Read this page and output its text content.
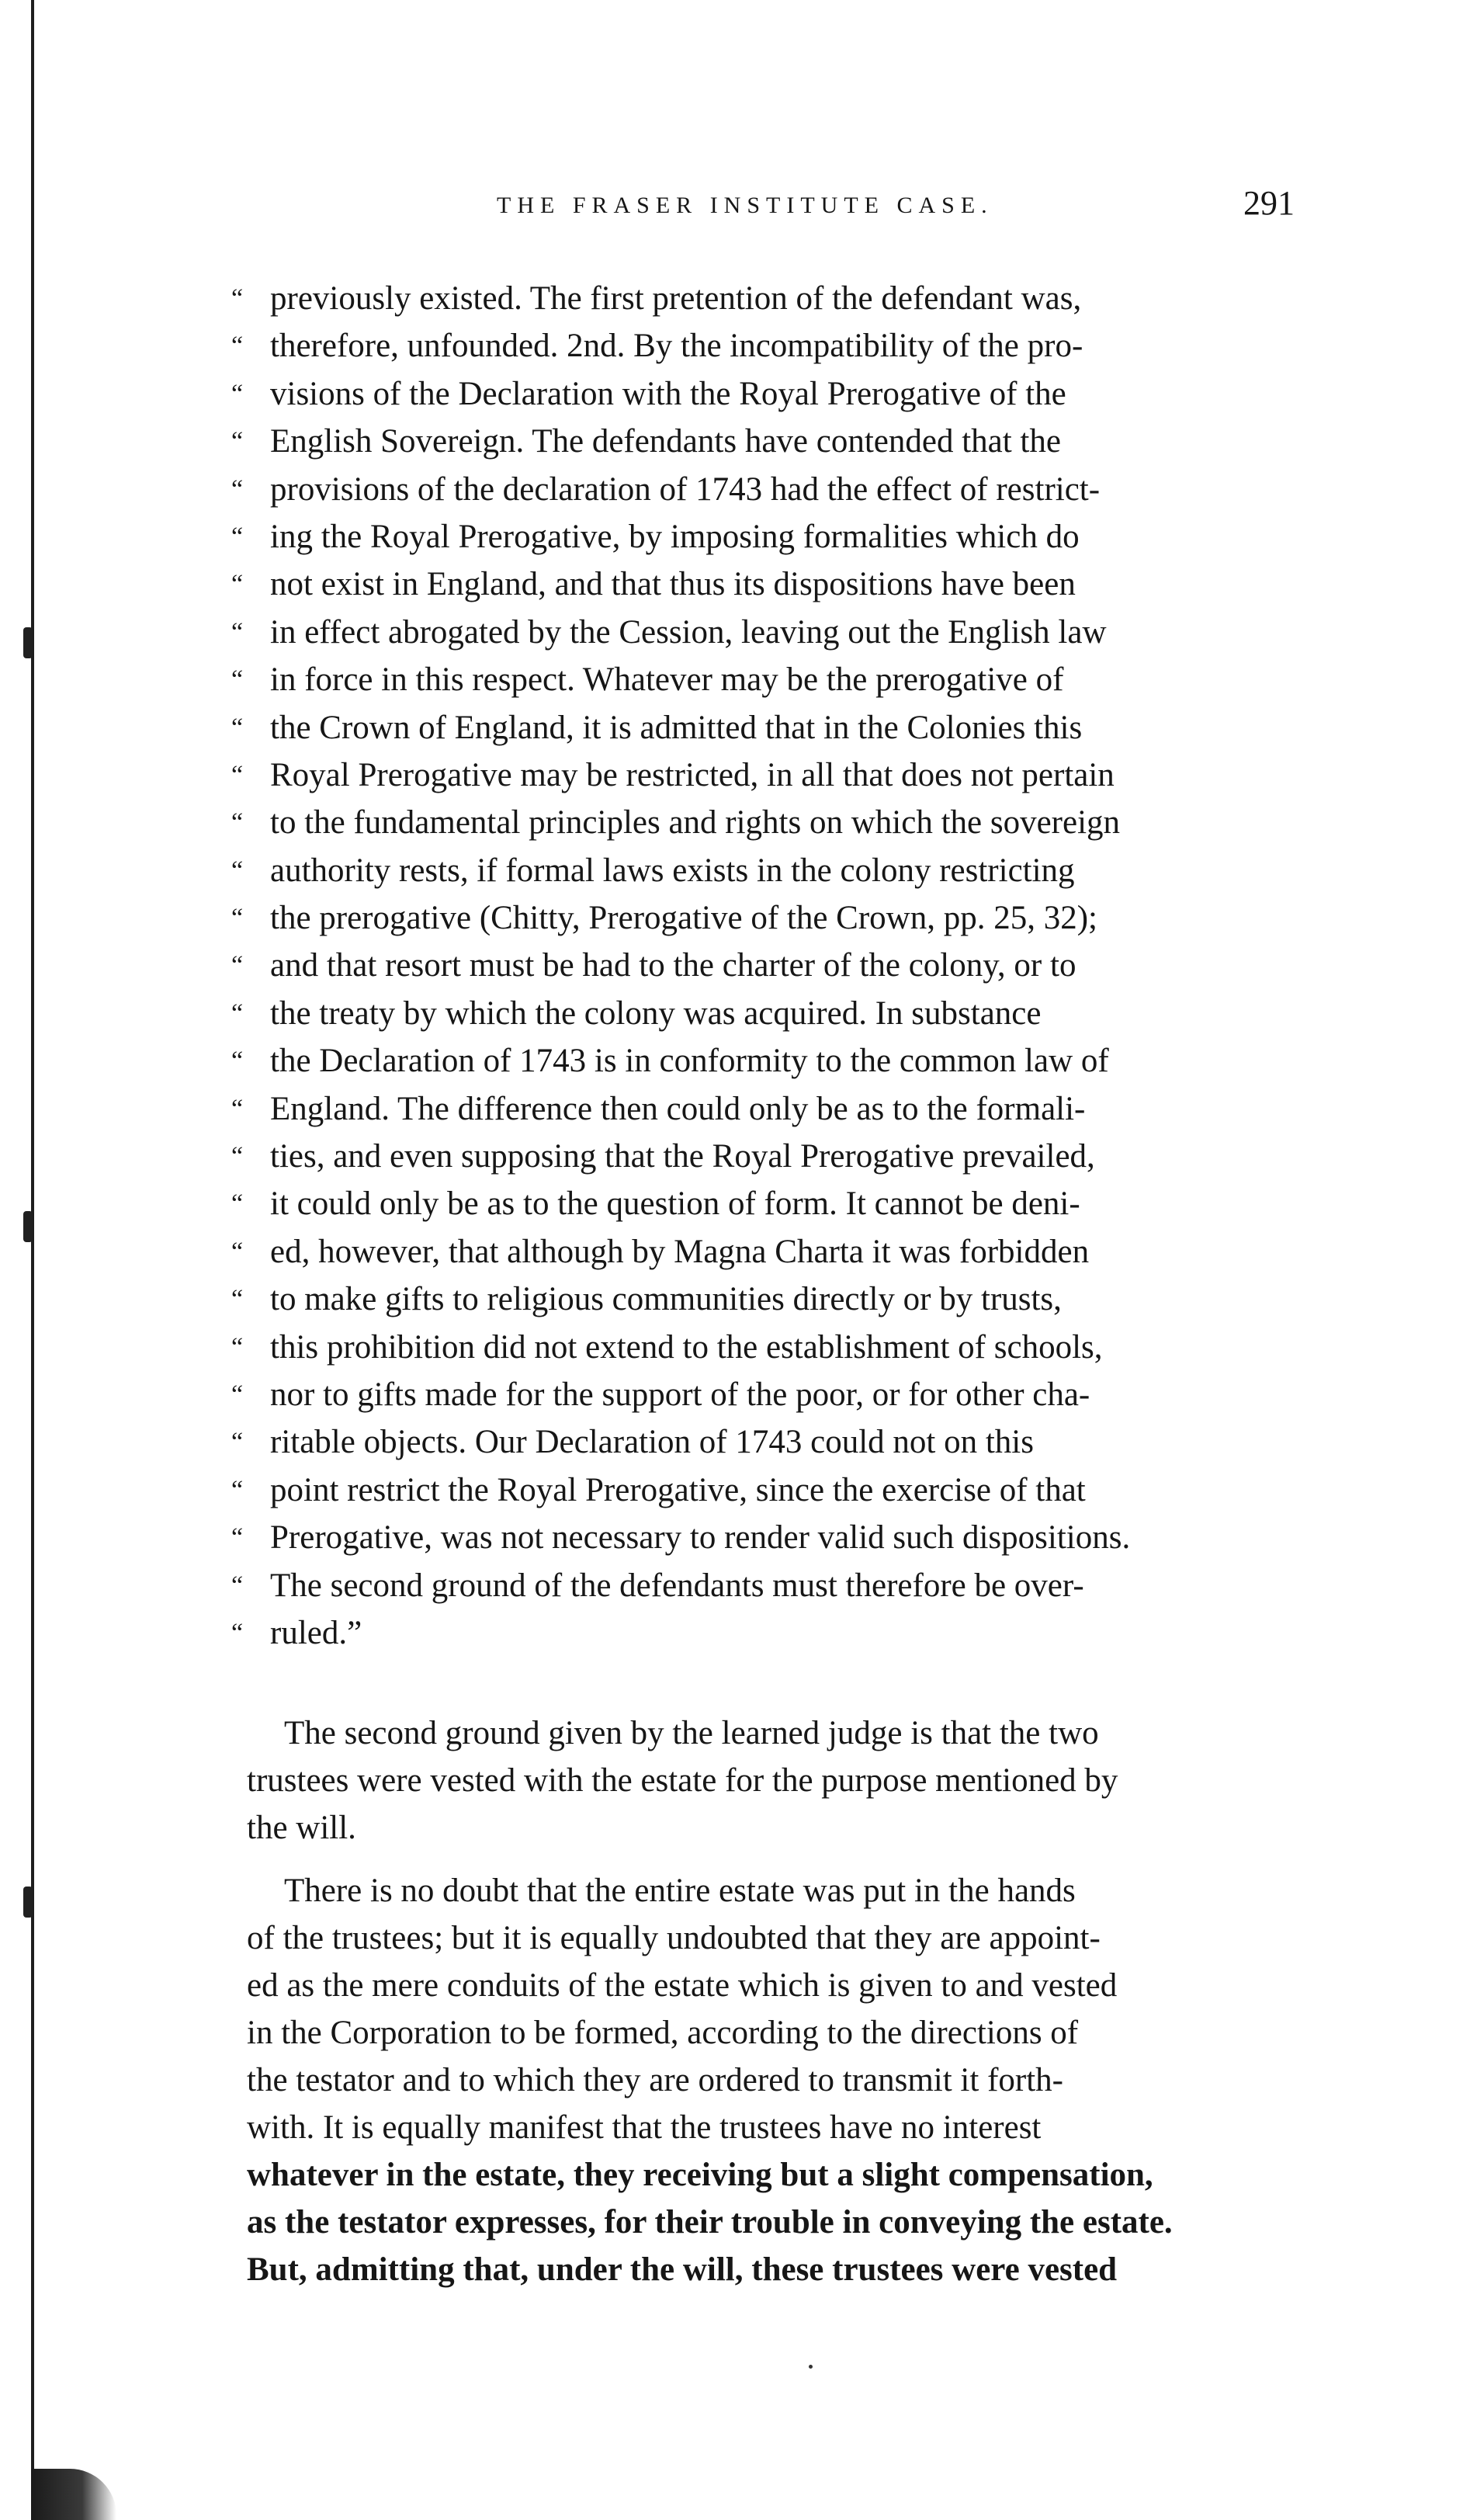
THE FRASER INSTITUTE CASE.	291
“ previously existed. The first pretention of the defendant was,
“ therefore, unfounded. 2nd. By the incompatibility of the pro-
“ visions of the Declaration with the Royal Prerogative of the
“ English Sovereign. The defendants have contended that the
“ provisions of the declaration of 1743 had the effect of restrict-
“ ing the Royal Prerogative, by imposing formalities which do
“ not exist in England, and that thus its dispositions have been
“ in effect abrogated by the Cession, leaving out the English law
“ in force in this respect. Whatever may be the prerogative of
“ the Crown of England, it is admitted that in the Colonies this
“ Royal Prerogative may be restricted, in all that does not pertain
“ to the fundamental principles and rights on which the sovereign
“ authority rests, if formal laws exists in the colony restricting
“ the prerogative (Chitty, Prerogative of the Crown, pp. 25, 32);
“ and that resort must be had to the charter of the colony, or to
“ the treaty by which the colony was acquired. In substance
“ the Declaration of 1743 is in conformity to the common law of
“ England. The difference then could only be as to the formali-
“ ties, and even supposing that the Royal Prerogative prevailed,
“ it could only be as to the question of form. It cannot be deni-
“ ed, however, that although by Magna Charta it was forbidden
“ to make gifts to religious communities directly or by trusts,
“ this prohibition did not extend to the establishment of schools,
“ nor to gifts made for the support of the poor, or for other cha-
“ ritable objects. Our Declaration of 1743 could not on this
“ point restrict the Royal Prerogative, since the exercise of that
“ Prerogative, was not necessary to render valid such dispositions.
“ The second ground of the defendants must therefore be over-
“ ruled.”
The second ground given by the learned judge is that the two
trustees were vested with the estate for the purpose mentioned by
the will.
There is no doubt that the entire estate was put in the hands
of the trustees; but it is equally undoubted that they are appoint-
ed as the mere conduits of the estate which is given to and vested
in the Corporation to be formed, according to the directions of
the testator and to which they are ordered to transmit it forth-
with. It is equally manifest that the trustees have no interest
whatever in the estate, they receiving but a slight compensation,
as the testator expresses, for their trouble in conveying the estate.
But, admitting that, under the will, these trustees were vested
